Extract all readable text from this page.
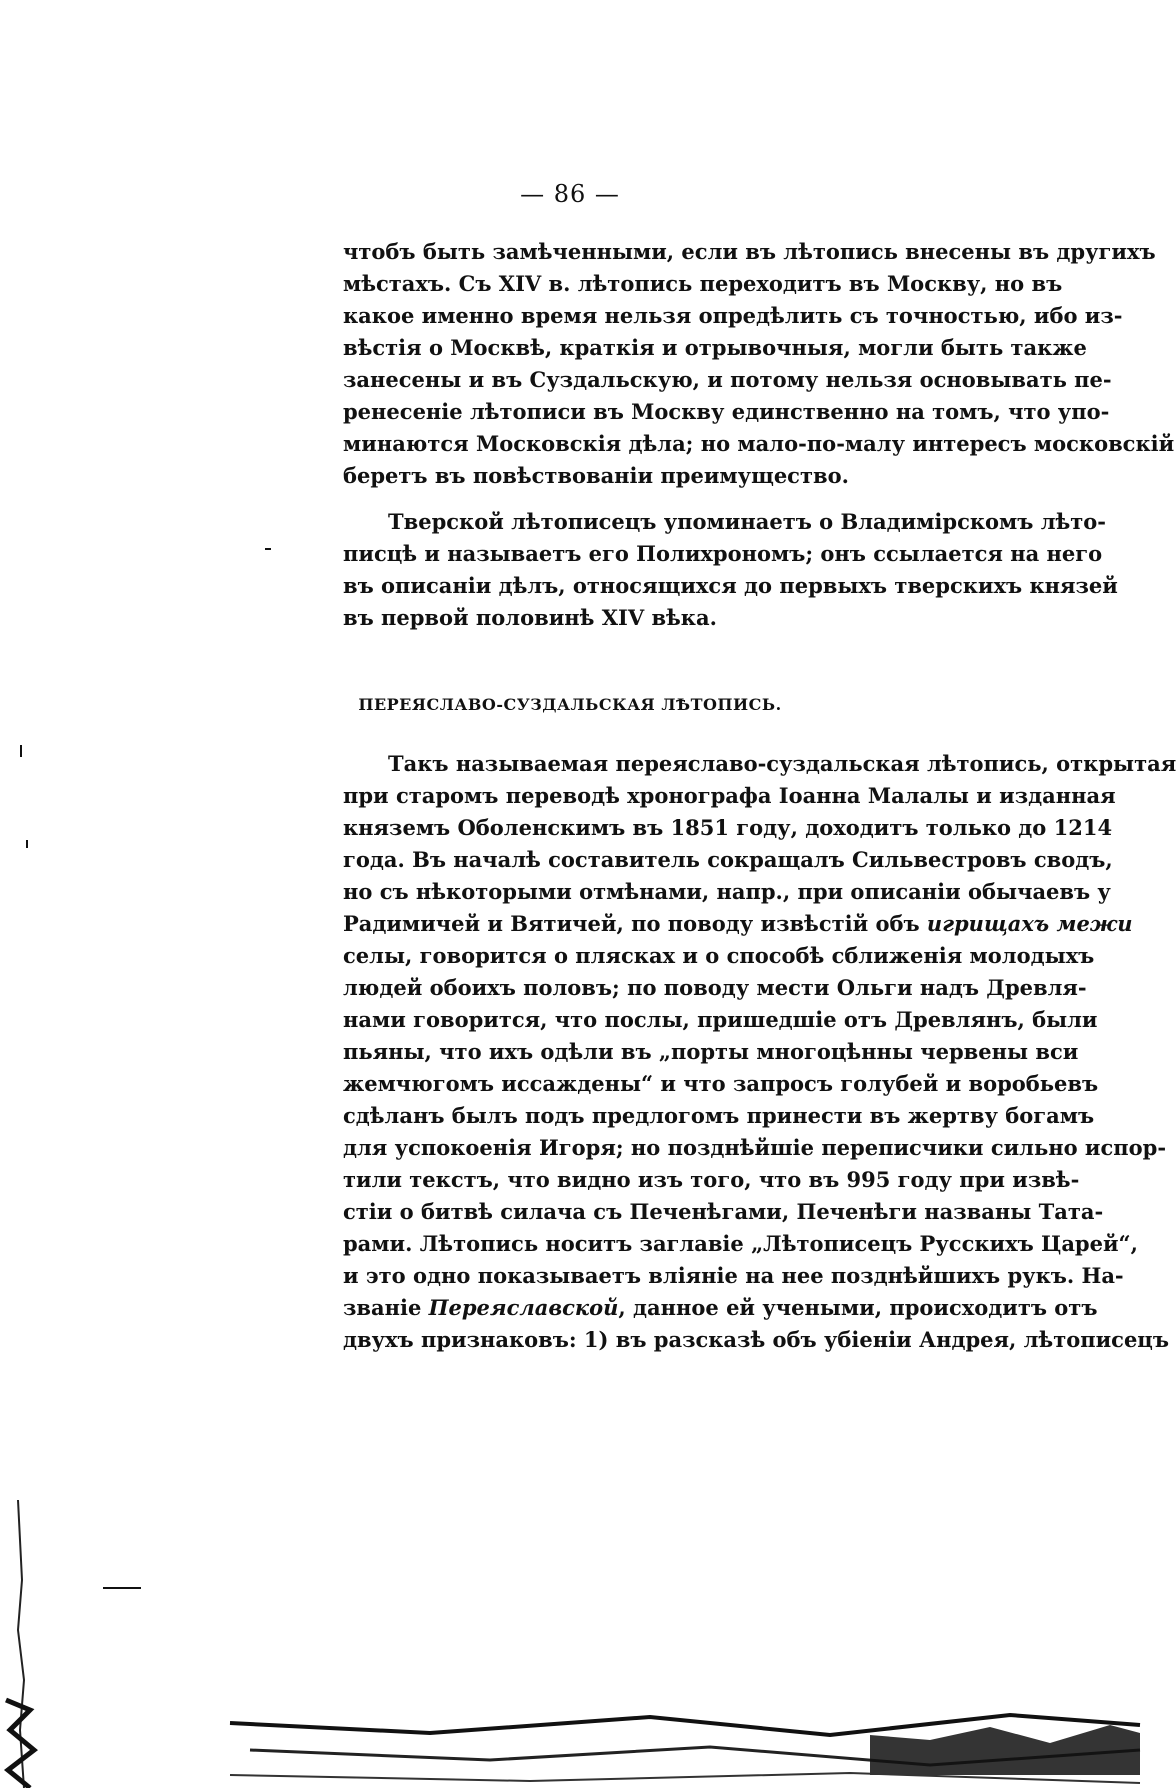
— 86 —
чтобъ быть замѣченными, если въ лѣтопись внесены въ другихъ
мѣстахъ. Съ XIV в. лѣтопись переходитъ въ Москву, но въ
какое именно время нельзя опредѣлить съ точностью, ибо из-
вѣстія о Москвѣ, краткія и отрывочныя, могли быть также
занесены и въ Суздальскую, и потому нельзя основывать пе-
ренесеніе лѣтописи въ Москву единственно на томъ, что упо-
минаются Московскія дѣла; но мало-по-малу интересъ московскій
беретъ въ повѣствованіи преимущество.
Тверской лѣтописецъ упоминаетъ о Владимірскомъ лѣто-
писцѣ и называетъ его Полихрономъ; онъ ссылается на него
въ описаніи дѣлъ, относящихся до первыхъ тверскихъ князей
въ первой половинѣ XIV вѣка.
ПЕРЕЯСЛАВО-СУЗДАЛЬСКАЯ ЛѢТОПИСЬ.
Такъ называемая переяславо-суздальская лѣтопись, открытая
при старомъ переводѣ хронографа Іоанна Малалы и изданная
княземъ Оболенскимъ въ 1851 году, доходитъ только до 1214
года. Въ началѣ составитель сокращалъ Сильвестровъ сводъ,
но съ нѣкоторыми отмѣнами, напр., при описаніи обычаевъ у
Радимичей и Вятичей, по поводу извѣстій объ игрищахъ межи
селы, говорится о плясках и о способѣ сближенія молодыхъ
людей обоихъ половъ; по поводу мести Ольги надъ Древля-
нами говорится, что послы, пришедшіе отъ Древлянъ, были
пьяны, что ихъ одѣли въ „порты многоцѣнны червены вси
жемчюгомъ иссаждены“ и что запросъ голубей и воробьевъ
сдѣланъ былъ подъ предлогомъ принести въ жертву богамъ
для успокоенія Игоря; но позднѣйшіе переписчики сильно испор-
тили текстъ, что видно изъ того, что въ 995 году при извѣ-
стіи о битвѣ силача съ Печенѣгами, Печенѣги названы Тата-
рами. Лѣтопись носитъ заглавіе „Лѣтописецъ Русскихъ Царей“,
и это одно показываетъ вліяніе на нее позднѣйшихъ рукъ. На-
званіе Переяславской, данное ей учеными, происходитъ отъ
двухъ признаковъ: 1) въ разсказѣ объ убіеніи Андрея, лѣтописецъ
